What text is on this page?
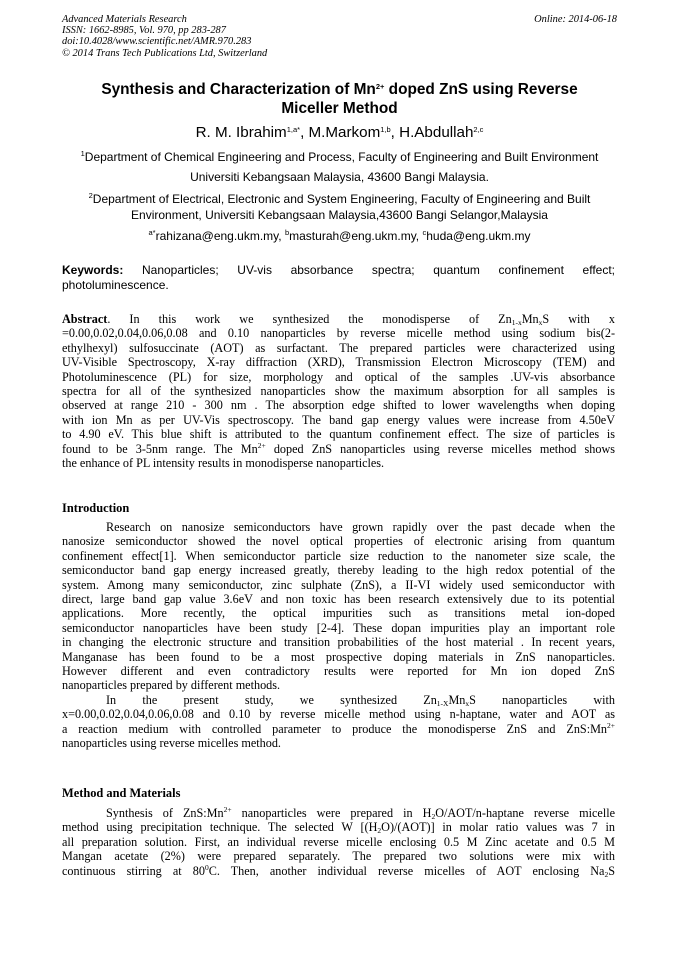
Advanced Materials Research
ISSN: 1662-8985, Vol. 970, pp 283-287
doi:10.4028/www.scientific.net/AMR.970.283
© 2014 Trans Tech Publications Ltd, Switzerland
Online: 2014-06-18
Synthesis and Characterization of $Mn^{2+}$ doped ZnS using Reverse
Miceller Method
R. M. Ibrahim$^{1,a*}$, M.Markom$^{1,b}$, H.Abdullah$^{2,c}$
$^1$Department of Chemical Engineering and Process, Faculty of Engineering and Built Environment
Universiti Kebangsaan Malaysia, 43600 Bangi Malaysia.
$^2$Department of Electrical, Electronic and System Engineering, Faculty of Engineering and Built
Environment, Universiti Kebangsaan Malaysia,43600 Bangi Selangor,Malaysia
$^{a*}$rahizana@eng.ukm.my, $^b$masturah@eng.ukm.my, $^c$huda@eng.ukm.my
Keywords: Nanoparticles; UV-vis absorbance spectra; quantum confinement effect;
photoluminescence.
Abstract. In this work we synthesized the monodisperse of $Zn_{1-x}Mn_xS$ with x
=0.00,0.02,0.04,0.06,0.08 and 0.10 nanoparticles by reverse micelle method using sodium bis(2-
ethylhexyl) sulfosuccinate (AOT) as surfactant. The prepared particles were characterized using
UV-Visible Spectroscopy, X-ray diffraction (XRD), Transmission Electron Microscopy (TEM) and
Photoluminescence (PL) for size, morphology and optical of the samples .UV-vis absorbance
spectra for all of the synthesized nanoparticles show the maximum absorption for all samples is
observed at range 210 - 300 nm . The absorption edge shifted to lower wavelengths when doping
with ion Mn as per UV-Vis spectroscopy. The band gap energy values were increase from 4.50eV
to 4.90 eV. This blue shift is attributed to the quantum confinement effect. The size of particles is
found to be 3-5nm range. The $Mn^{2+}$ doped ZnS nanoparticles using reverse micelles method shows
the enhance of PL intensity results in monodisperse nanoparticles.
Introduction
Research on nanosize semiconductors have grown rapidly over the past decade when the
nanosize semiconductor showed the novel optical properties of electronic arising from quantum
confinement effect[1]. When semiconductor particle size reduction to the nanometer size scale, the
semiconductor band gap energy increased greatly, thereby leading to the high redox potential of the
system. Among many semiconductor, zinc sulphate (ZnS), a II-VI widely used semiconductor with
direct, large band gap value 3.6eV and non toxic has been research extensively due to its potential
applications. More recently, the optical impurities such as transitions metal ion-doped
semiconductor nanoparticles have been study [2-4]. These dopan impurities play an important role
in changing the electronic structure and transition probabilities of the host material . In recent years,
Manganase has been found to be a most prospective doping materials in ZnS nanoparticles.
However different and even contradictory results were reported for Mn ion doped ZnS
nanoparticles prepared by different methods.
In the present study, we synthesized $Zn_{1-X}Mn_xS$ nanoparticles with
x=0.00,0.02,0.04,0.06,0.08 and 0.10 by reverse micelle method using n-haptane, water and AOT as
a reaction medium with controlled parameter to produce the monodisperse ZnS and $ZnS:Mn^{2+}$
nanoparticles using reverse micelles method.
Method and Materials
Synthesis of $ZnS:Mn^{2+}$ nanoparticles were prepared in $H_2O/AOT/n$-haptane reverse micelle
method using precipitation technique. The selected W $[(H_2O)/(AOT)]$ in molar ratio values was 7 in
all preparation solution. First, an individual reverse micelle enclosing 0.5 M Zinc acetate and 0.5 M
Mangan acetate (2%) were prepared separately. The prepared two solutions were mix with
continuous stirring at $80^0C$. Then, another individual reverse micelles of AOT enclosing $Na_2S$
